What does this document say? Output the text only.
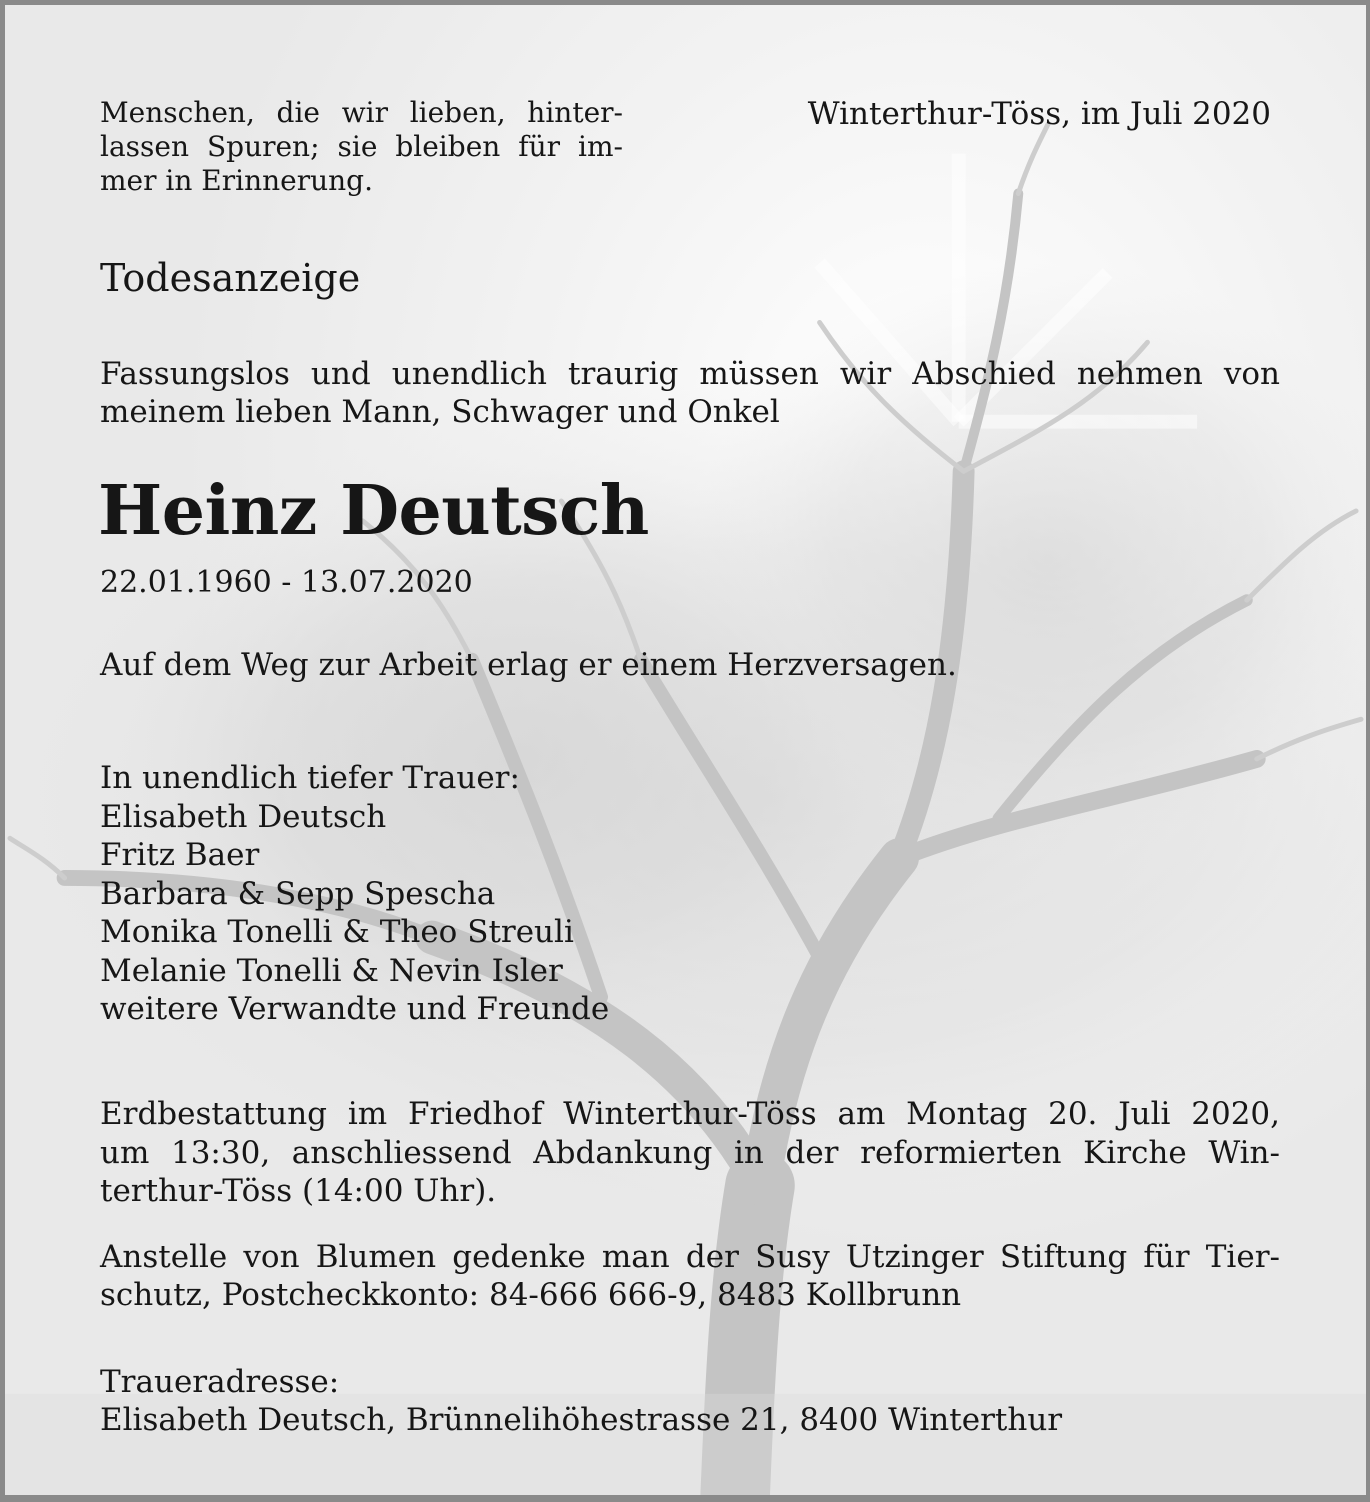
Menschen, die wir lieben, hinter-
lassen Spuren; sie bleiben für im-
mer in Erinnerung.
Winterthur-Töss, im Juli 2020
Todesanzeige
Fassungslos und unendlich traurig müssen wir Abschied nehmen von
meinem lieben Mann, Schwager und Onkel
Heinz Deutsch
22.01.1960 - 13.07.2020
Auf dem Weg zur Arbeit erlag er einem Herzversagen.
In unendlich tiefer Trauer:
Elisabeth Deutsch
Fritz Baer
Barbara & Sepp Spescha
Monika Tonelli & Theo Streuli
Melanie Tonelli & Nevin Isler
weitere Verwandte und Freunde
Erdbestattung im Friedhof Winterthur-Töss am Montag 20. Juli 2020,
um 13:30, anschliessend Abdankung in der reformierten Kirche Win-
terthur-Töss (14:00 Uhr).
Anstelle von Blumen gedenke man der Susy Utzinger Stiftung für Tier-
schutz, Postcheckkonto: 84-666 666-9, 8483 Kollbrunn
Traueradresse:
Elisabeth Deutsch, Brünnelihöhestrasse 21, 8400 Winterthur
